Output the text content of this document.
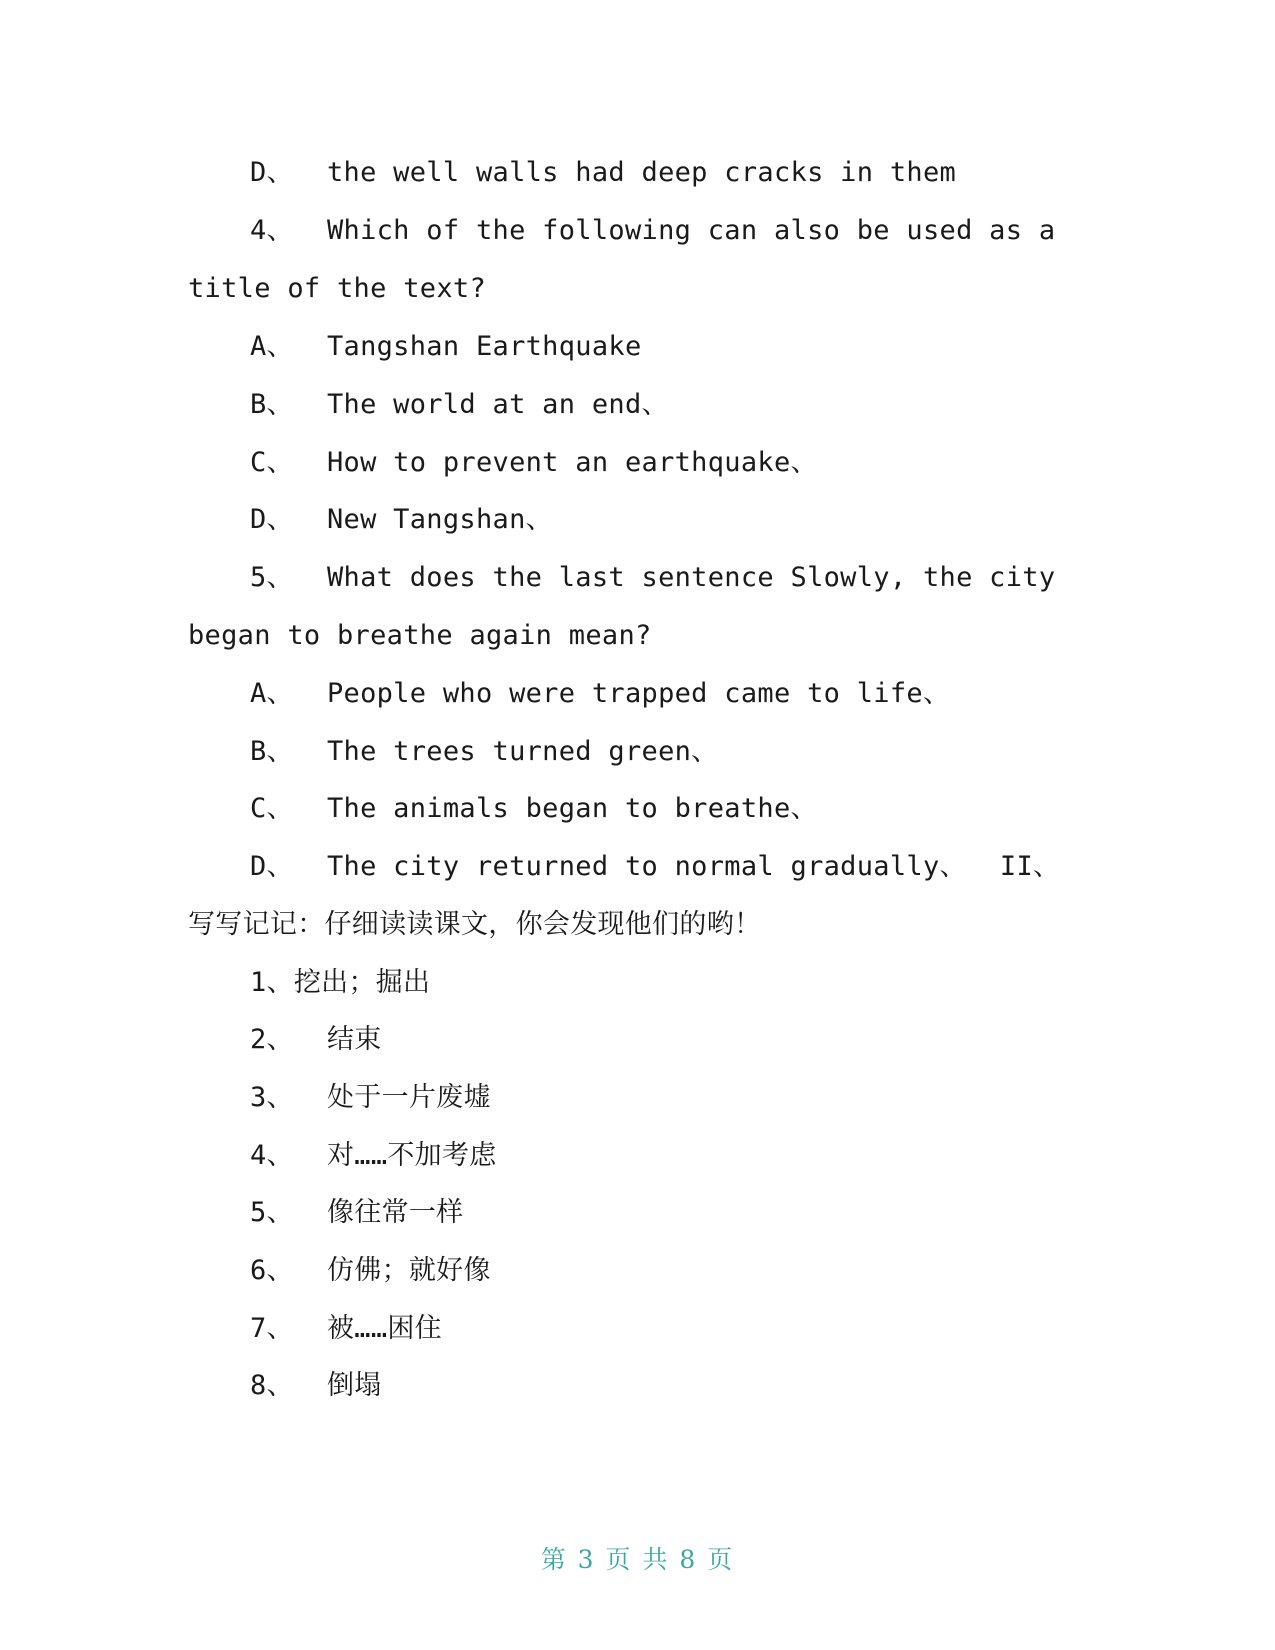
D、  the well walls had deep cracks in them
4、  Which of the following can also be used as a
title of the text?
A、  Tangshan Earthquake
B、  The world at an end、
C、  How to prevent an earthquake、
D、  New Tangshan、
5、  What does the last sentence Slowly, the city
began to breathe again mean?
A、  People who were trapped came to life、
B、  The trees turned green、
C、  The animals began to breathe、
D、  The city returned to normal gradually、  II、
写写记记：仔细读读课文，你会发现他们的哟！
1、挖出；掘出
2、  结束
3、  处于一片废墟
4、  对……不加考虑
5、  像往常一样
6、  仿佛；就好像
7、  被……困住
8、  倒塌
第 3 页 共 8 页
